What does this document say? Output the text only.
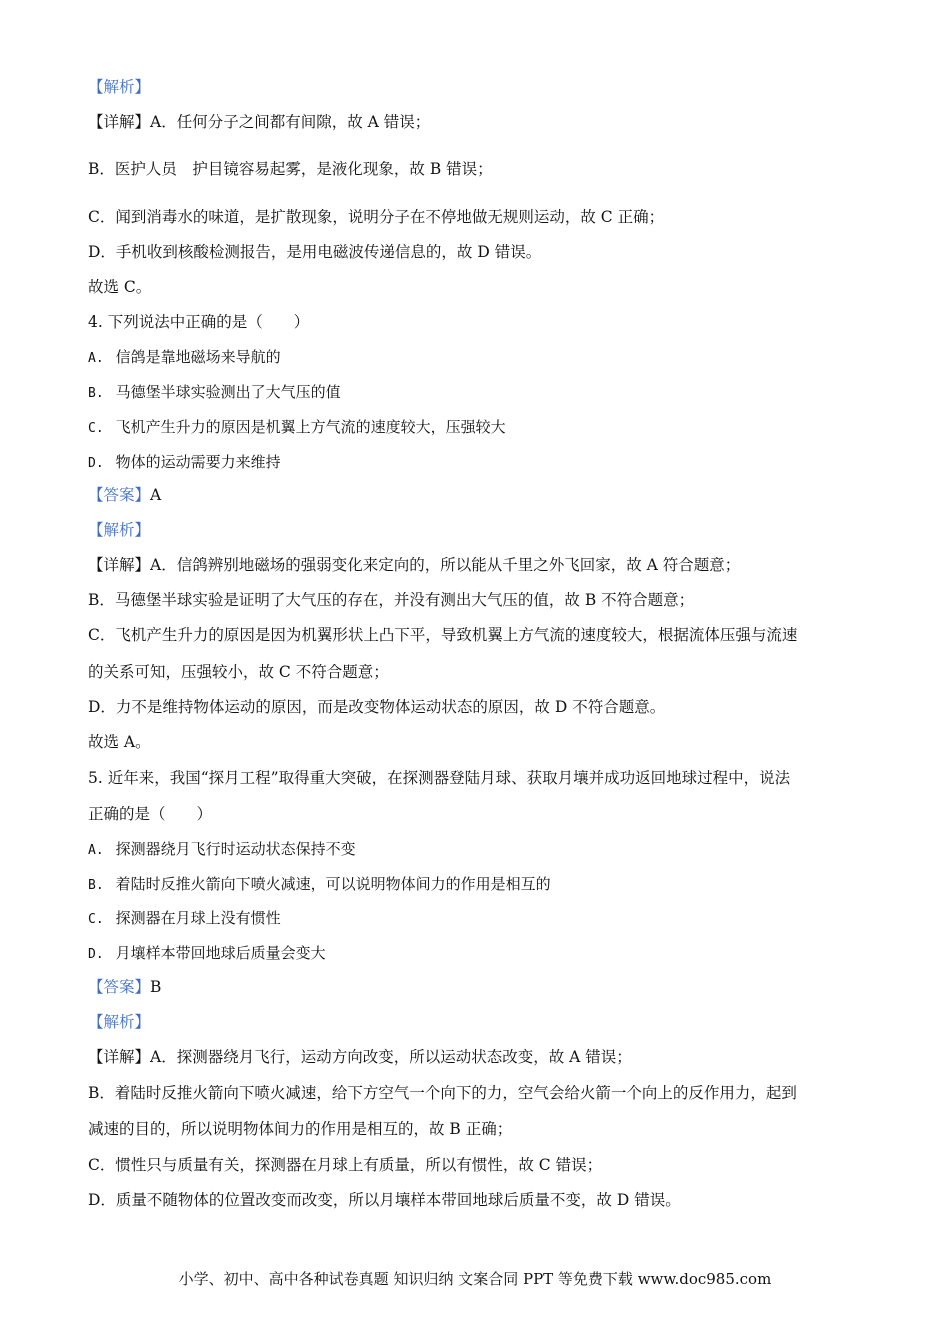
【解析】
【详解】A．任何分子之间都有间隙，故 A 错误；
B．医护人员　护目镜容易起雾，是液化现象，故 B 错误；
C．闻到消毒水的味道，是扩散现象，说明分子在不停地做无规则运动，故 C 正确；
D．手机收到核酸检测报告，是用电磁波传递信息的，故 D 错误。
故选 C。
4. 下列说法中正确的是（　　）
A. 信鸽是靠地磁场来导航的
B. 马德堡半球实验测出了大气压的值
C. 飞机产生升力的原因是机翼上方气流的速度较大，压强较大
D. 物体的运动需要力来维持
【答案】A
【解析】
【详解】A．信鸽辨别地磁场的强弱变化来定向的，所以能从千里之外飞回家，故 A 符合题意；
B．马德堡半球实验是证明了大气压的存在，并没有测出大气压的值，故 B 不符合题意；
C．飞机产生升力的原因是因为机翼形状上凸下平，导致机翼上方气流的速度较大，根据流体压强与流速
的关系可知，压强较小，故 C 不符合题意；
D．力不是维持物体运动的原因，而是改变物体运动状态的原因，故 D 不符合题意。
故选 A。
5. 近年来，我国“探月工程”取得重大突破，在探测器登陆月球、获取月壤并成功返回地球过程中，说法
正确的是（　　）
A. 探测器绕月飞行时运动状态保持不变
B. 着陆时反推火箭向下喷火减速，可以说明物体间力的作用是相互的
C. 探测器在月球上没有惯性
D. 月壤样本带回地球后质量会变大
【答案】B
【解析】
【详解】A．探测器绕月飞行，运动方向改变，所以运动状态改变，故 A 错误；
B．着陆时反推火箭向下喷火减速，给下方空气一个向下的力，空气会给火箭一个向上的反作用力，起到
减速的目的，所以说明物体间力的作用是相互的，故 B 正确；
C．惯性只与质量有关，探测器在月球上有质量，所以有惯性，故 C 错误；
D．质量不随物体的位置改变而改变，所以月壤样本带回地球后质量不变，故 D 错误。
小学、初中、高中各种试卷真题 知识归纳 文案合同 PPT 等免费下载 www.doc985.com
